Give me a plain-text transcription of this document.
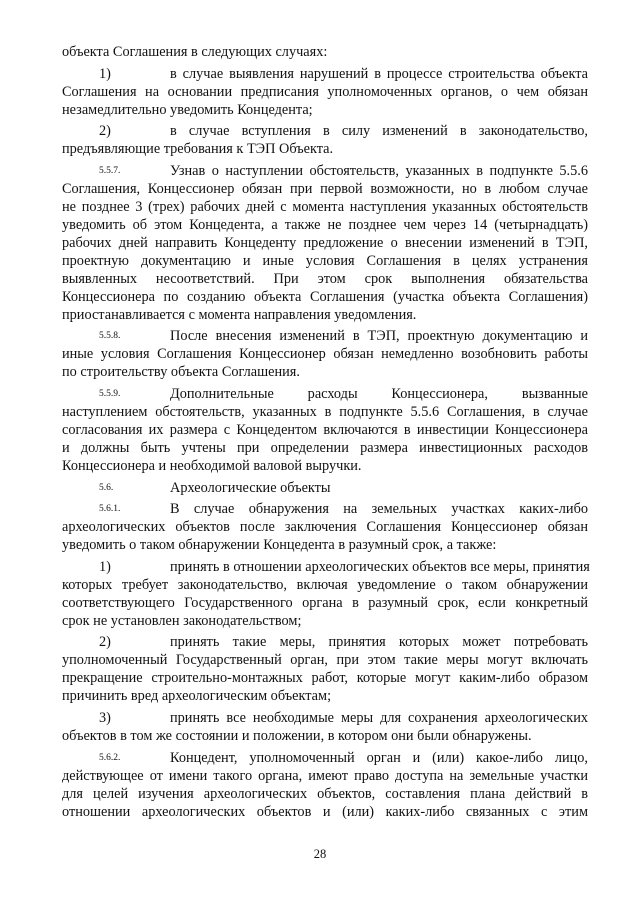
объекта Соглашения в следующих случаях:
1)	в случае выявления нарушений в процессе строительства объекта
Соглашения на основании предписания уполномоченных органов, о чем обязан
незамедлительно уведомить Концедента;
2)	в случае вступления в силу изменений в законодательство,
предъявляющие требования к ТЭП Объекта.
5.5.7.	Узнав о наступлении обстоятельств, указанных в подпункте 5.5.6
Соглашения, Концессионер обязан при первой возможности, но в любом случае
не позднее 3 (трех) рабочих дней с момента наступления указанных обстоятельств
уведомить об этом Концедента, а также не позднее чем через 14 (четырнадцать)
рабочих дней направить Концеденту предложение о внесении изменений в ТЭП,
проектную документацию и иные условия Соглашения в целях устранения
выявленных несоответствий. При этом срок выполнения обязательства
Концессионера по созданию объекта Соглашения (участка объекта Соглашения)
приостанавливается с момента направления уведомления.
5.5.8.	После внесения изменений в ТЭП, проектную документацию и
иные условия Соглашения Концессионер обязан немедленно возобновить работы
по строительству объекта Соглашения.
5.5.9.	Дополнительные расходы Концессионера, вызванные
наступлением обстоятельств, указанных в подпункте 5.5.6 Соглашения, в случае
согласования их размера с Концедентом включаются в инвестиции Концессионера
и должны быть учтены при определении размера инвестиционных расходов
Концессионера и необходимой валовой выручки.
5.6.	Археологические объекты
5.6.1.	В случае обнаружения на земельных участках каких-либо
археологических объектов после заключения Соглашения Концессионер обязан
уведомить о таком обнаружении Концедента в разумный срок, а также:
1)	принять в отношении археологических объектов все меры, принятия
которых требует законодательство, включая уведомление о таком обнаружении
соответствующего Государственного органа в разумный срок, если конкретный
срок не установлен законодательством;
2)	принять такие меры, принятия которых может потребовать
уполномоченный Государственный орган, при этом такие меры могут включать
прекращение строительно-монтажных работ, которые могут каким-либо образом
причинить вред археологическим объектам;
3)	принять все необходимые меры для сохранения археологических
объектов в том же состоянии и положении, в котором они были обнаружены.
5.6.2.	Концедент, уполномоченный орган и (или) какое-либо лицо,
действующее от имени такого органа, имеют право доступа на земельные участки
для целей изучения археологических объектов, составления плана действий в
отношении археологических объектов и (или) каких-либо связанных с этим
28
